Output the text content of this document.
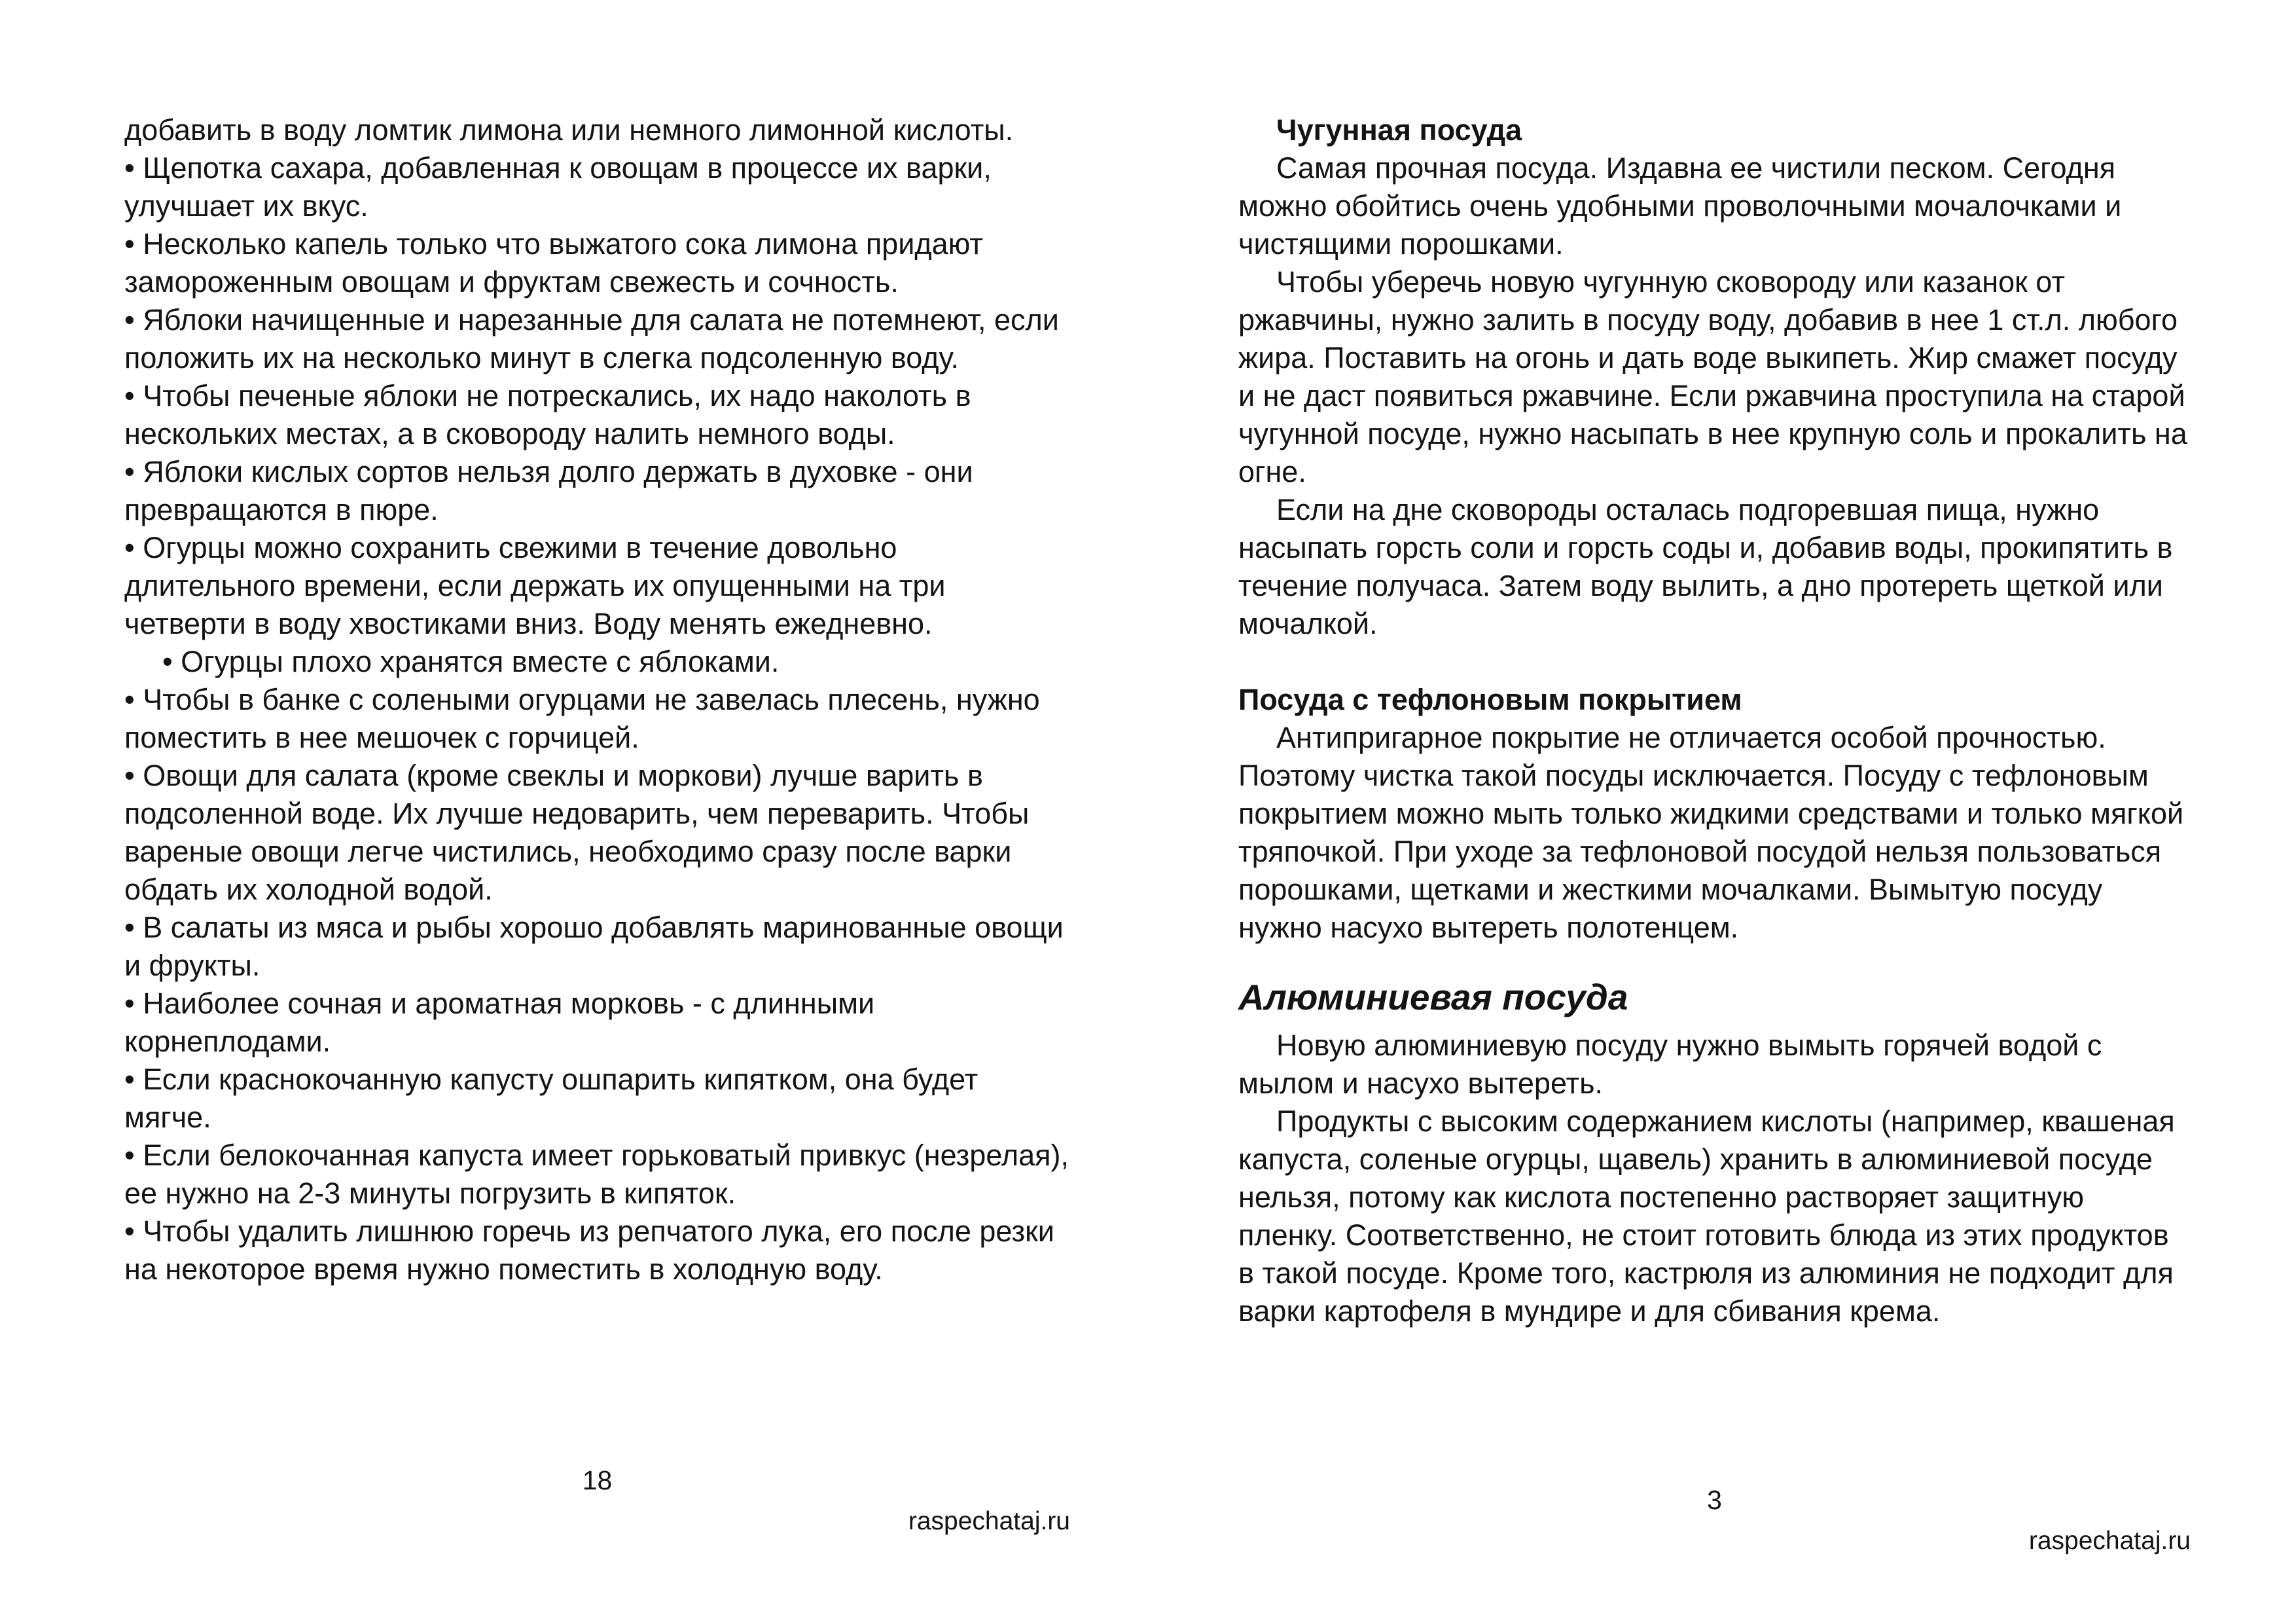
добавить в воду ломтик лимона или немного лимонной кислоты.

• Щепотка сахара, добавленная к овощам в процессе их варки, улучшает их вкус.

• Несколько капель только что выжатого сока лимона придают замороженным овощам и фруктам свежесть и сочность.

• Яблоки начищенные и нарезанные для салата не потемнеют, если положить их на несколько минут в слегка подсоленную воду.

• Чтобы печеные яблоки не потрескались, их надо наколоть в нескольких местах, а в сковороду налить немного воды.

• Яблоки кислых сортов нельзя долго держать в духовке - они превращаются в пюре.

• Огурцы можно сохранить свежими в течение довольно длительного времени, если держать их опущенными на три четверти в воду хвостиками вниз. Воду менять ежедневно.

• Огурцы плохо хранятся вместе с яблоками.

• Чтобы в банке с солеными огурцами не завелась плесень, нужно поместить в нее мешочек с горчицей.

• Овощи для салата (кроме свеклы и моркови) лучше варить в подсоленной воде. Их лучше недоварить, чем переварить. Чтобы вареные овощи легче чистились, необходимо сразу после варки обдать их холодной водой.

• В салаты из мяса и рыбы хорошо добавлять маринованные овощи и фрукты.

• Наиболее сочная и ароматная морковь - с длинными корнеплодами.

• Если краснокочанную капусту ошпарить кипятком, она будет мягче.

• Если белокочанная капуста имеет горьковатый привкус (незрелая), ее нужно на 2-3 минуты погрузить в кипяток.

• Чтобы удалить лишнюю горечь из репчатого лука, его после резки на некоторое время нужно поместить в холодную воду.

Чугунная посуда

Самая прочная посуда. Издавна ее чистили песком. Сегодня можно обойтись очень удобными проволочными мочалочками и чистящими порошками.

Чтобы уберечь новую чугунную сковороду или казанок от ржавчины, нужно залить в посуду воду, добавив в нее 1 ст.л. любого жира. Поставить на огонь и дать воде выкипеть. Жир смажет посуду и не даст появиться ржавчине. Если ржавчина проступила на старой чугунной посуде, нужно насыпать в нее крупную соль и прокалить на огне.

Если на дне сковороды осталась подгоревшая пища, нужно насыпать горсть соли и горсть соды и, добавив воды, прокипятить в течение получаса. Затем воду вылить, а дно протереть щеткой или мочалкой.

Посуда с тефлоновым покрытием

Антипригарное покрытие не отличается особой прочностью. Поэтому чистка такой посуды исключается. Посуду с тефлоновым покрытием можно мыть только жидкими средствами и только мягкой тряпочкой. При уходе за тефлоновой посудой нельзя пользоваться порошками, щетками и жесткими мочалками. Вымытую посуду нужно насухо вытереть полотенцем.

Алюминиевая посуда

Новую алюминиевую посуду нужно вымыть горячей водой с мылом и насухо вытереть.

Продукты с высоким содержанием кислоты (например, квашеная капуста, соленые огурцы, щавель) хранить в алюминиевой посуде нельзя, потому как кислота постепенно растворяет защитную пленку. Соответственно, не стоит готовить блюда из этих продуктов в такой посуде. Кроме того, кастрюля из алюминия не подходит для варки картофеля в мундире и для сбивания крема.

18
3
raspechataj.ru
raspechataj.ru
